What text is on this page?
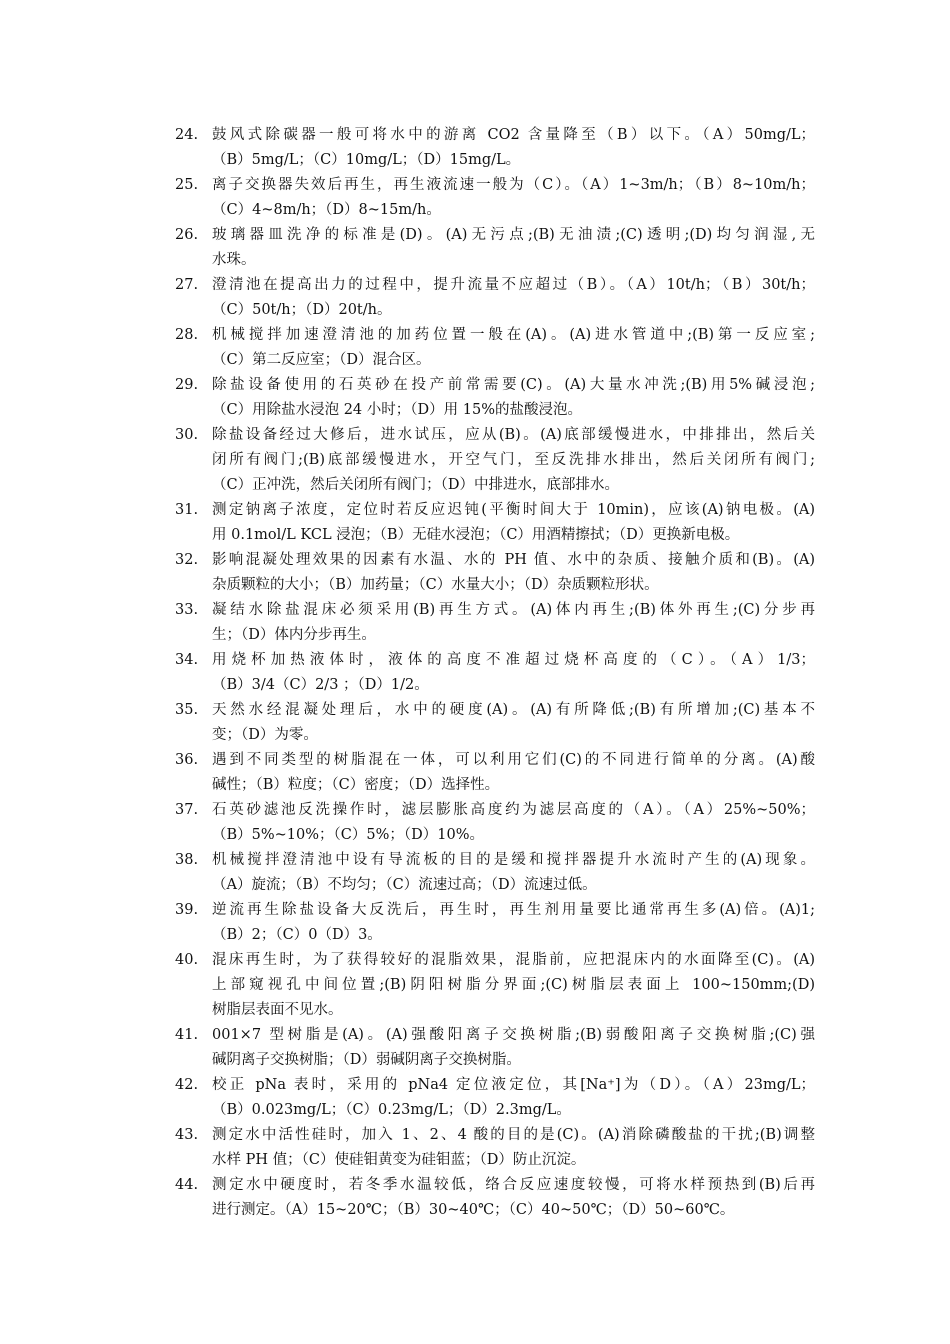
24. 鼓风式除碳器一般可将水中的游离 CO2 含量降至（B）以下。（A）50mg/L；
（B）5mg/L；（C）10mg/L；（D）15mg/L。
25. 离子交换器失效后再生，再生液流速一般为（C）。（A）1~3m/h；（B）8~10m/h；
（C）4~8m/h；（D）8~15m/h。
26. 玻璃器皿洗净的标准是(D)。(A)无污点;(B)无油渍;(C)透明;(D)均匀润湿,无
水珠。
27. 澄清池在提高出力的过程中，提升流量不应超过（B）。（A）10t/h；（B）30t/h；
（C）50t/h；（D）20t/h。
28. 机械搅拌加速澄清池的加药位置一般在(A)。(A)进水管道中;(B)第一反应室;
（C）第二反应室；（D）混合区。
29. 除盐设备使用的石英砂在投产前常需要(C)。(A)大量水冲洗;(B)用5%碱浸泡;
（C）用除盐水浸泡 24 小时；（D）用 15%的盐酸浸泡。
30. 除盐设备经过大修后，进水试压，应从(B)。(A)底部缓慢进水，中排排出，然后关
闭所有阀门;(B)底部缓慢进水，开空气门，至反洗排水排出，然后关闭所有阀门;
（C）正冲洗，然后关闭所有阀门；（D）中排进水，底部排水。
31. 测定钠离子浓度，定位时若反应迟钝(平衡时间大于 10min)，应该(A)钠电极。(A)
用 0.1mol/L KCL 浸泡；（B）无硅水浸泡；（C）用酒精擦拭；（D）更换新电极。
32. 影响混凝处理效果的因素有水温、水的 PH 值、水中的杂质、接触介质和(B)。(A)
杂质颗粒的大小；（B）加药量；（C）水量大小；（D）杂质颗粒形状。
33. 凝结水除盐混床必须采用(B)再生方式。(A)体内再生;(B)体外再生;(C)分步再
生；（D）体内分步再生。
34. 用烧杯加热液体时，液体的高度不准超过烧杯高度的（C）。（A）1/3；
（B）3/4（C）2/3 ；（D）1/2。
35. 天然水经混凝处理后，水中的硬度(A)。(A)有所降低;(B)有所增加;(C)基本不
变；（D）为零。
36. 遇到不同类型的树脂混在一体，可以利用它们(C)的不同进行简单的分离。(A)酸
碱性；（B）粒度；（C）密度；（D）选择性。
37. 石英砂滤池反洗操作时，滤层膨胀高度约为滤层高度的（A）。（A）25%~50%；
（B）5%~10%；（C）5%；（D）10%。
38. 机械搅拌澄清池中设有导流板的目的是缓和搅拌器提升水流时产生的(A)现象。
（A）旋流；（B）不均匀；（C）流速过高；（D）流速过低。
39. 逆流再生除盐设备大反洗后，再生时，再生剂用量要比通常再生多(A)倍。(A)1;
（B）2；（C）0（D）3。
40. 混床再生时，为了获得较好的混脂效果，混脂前，应把混床内的水面降至(C)。(A)
上部窥视孔中间位置;(B)阴阳树脂分界面;(C)树脂层表面上 100~150mm;(D)
树脂层表面不见水。
41. 001×7 型树脂是(A)。(A)强酸阳离子交换树脂;(B)弱酸阳离子交换树脂;(C)强
碱阴离子交换树脂；（D）弱碱阴离子交换树脂。
42. 校正 pNa 表时，采用的 pNa4 定位液定位，其[Na⁺]为（D）。（A）23mg/L；
（B）0.023mg/L；（C）0.23mg/L；（D）2.3mg/L。
43. 测定水中活性硅时，加入 1、2、4 酸的目的是(C)。(A)消除磷酸盐的干扰;(B)调整
水样 PH 值；（C）使硅钼黄变为硅钼蓝；（D）防止沉淀。
44. 测定水中硬度时，若冬季水温较低，络合反应速度较慢，可将水样预热到(B)后再
进行测定。（A）15~20℃；（B）30~40℃；（C）40~50℃；（D）50~60℃。
